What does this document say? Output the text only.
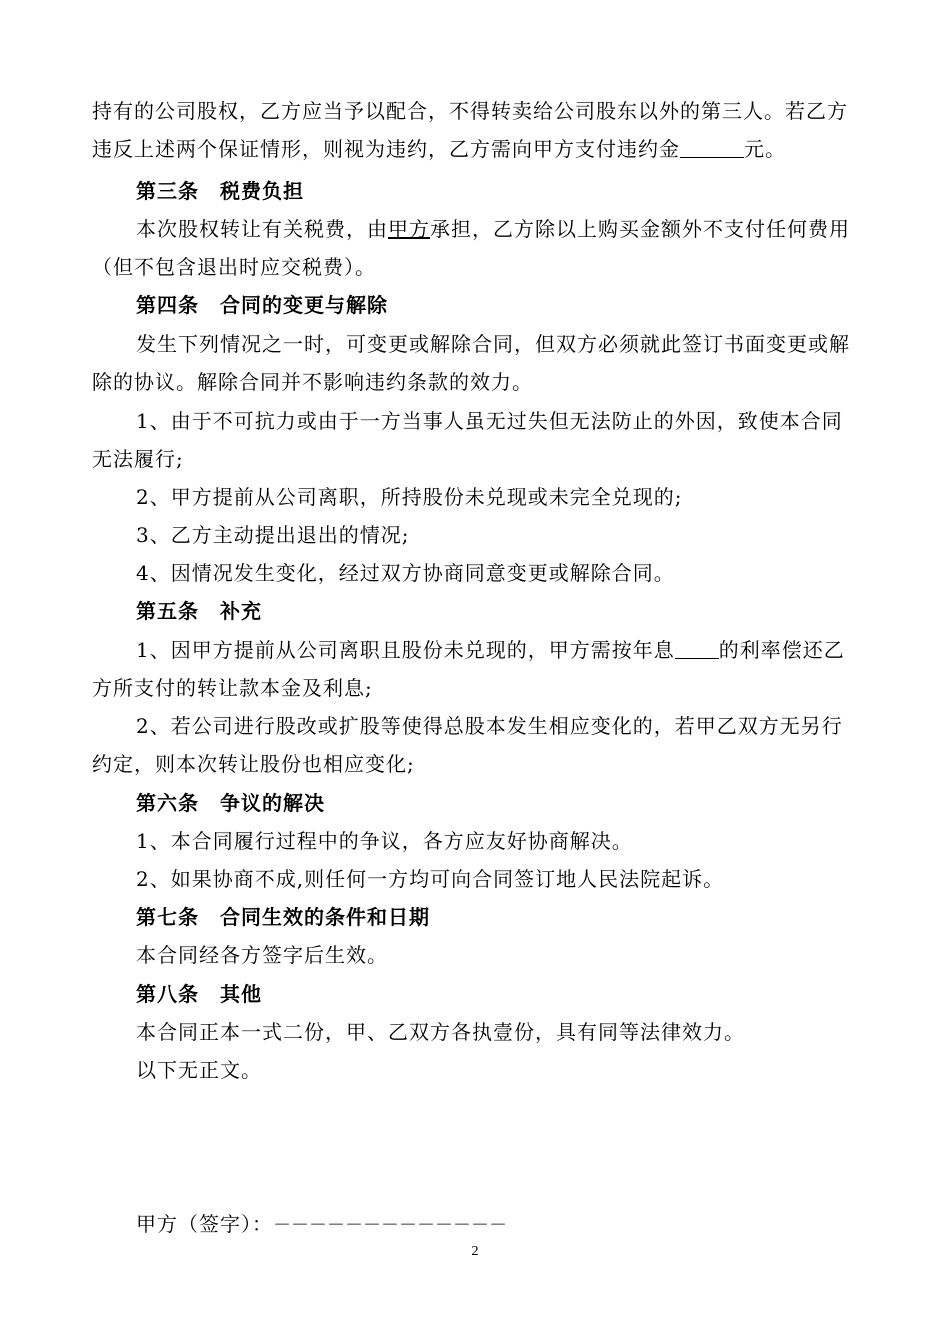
持有的公司股权，乙方应当予以配合，不得转卖给公司股东以外的第三人。若乙方违反上述两个保证情形，则视为违约，乙方需向甲方支付违约金	元。

第三条　税费负担

本次股权转让有关税费，由甲方承担，乙方除以上购买金额外不支付任何费用（但不包含退出时应交税费）。

第四条　合同的变更与解除

发生下列情况之一时，可变更或解除合同，但双方必须就此签订书面变更或解除的协议。解除合同并不影响违约条款的效力。

1、由于不可抗力或由于一方当事人虽无过失但无法防止的外因，致使本合同无法履行;

2、甲方提前从公司离职，所持股份未兑现或未完全兑现的;

3、乙方主动提出退出的情况;

4、因情况发生变化，经过双方协商同意变更或解除合同。

第五条　补充

1、因甲方提前从公司离职且股份未兑现的，甲方需按年息 的利率偿还乙方所支付的转让款本金及利息;

2、若公司进行股改或扩股等使得总股本发生相应变化的，若甲乙双方无另行约定，则本次转让股份也相应变化;

第六条　争议的解决

1、本合同履行过程中的争议，各方应友好协商解决。

2、如果协商不成,则任何一方均可向合同签订地人民法院起诉。

第七条　合同生效的条件和日期

本合同经各方签字后生效。

第八条　其他

本合同正本一式二份，甲、乙双方各执壹份，具有同等法律效力。

以下无正文。

甲方（签字）：－－－－－－－－－－－－－

2
